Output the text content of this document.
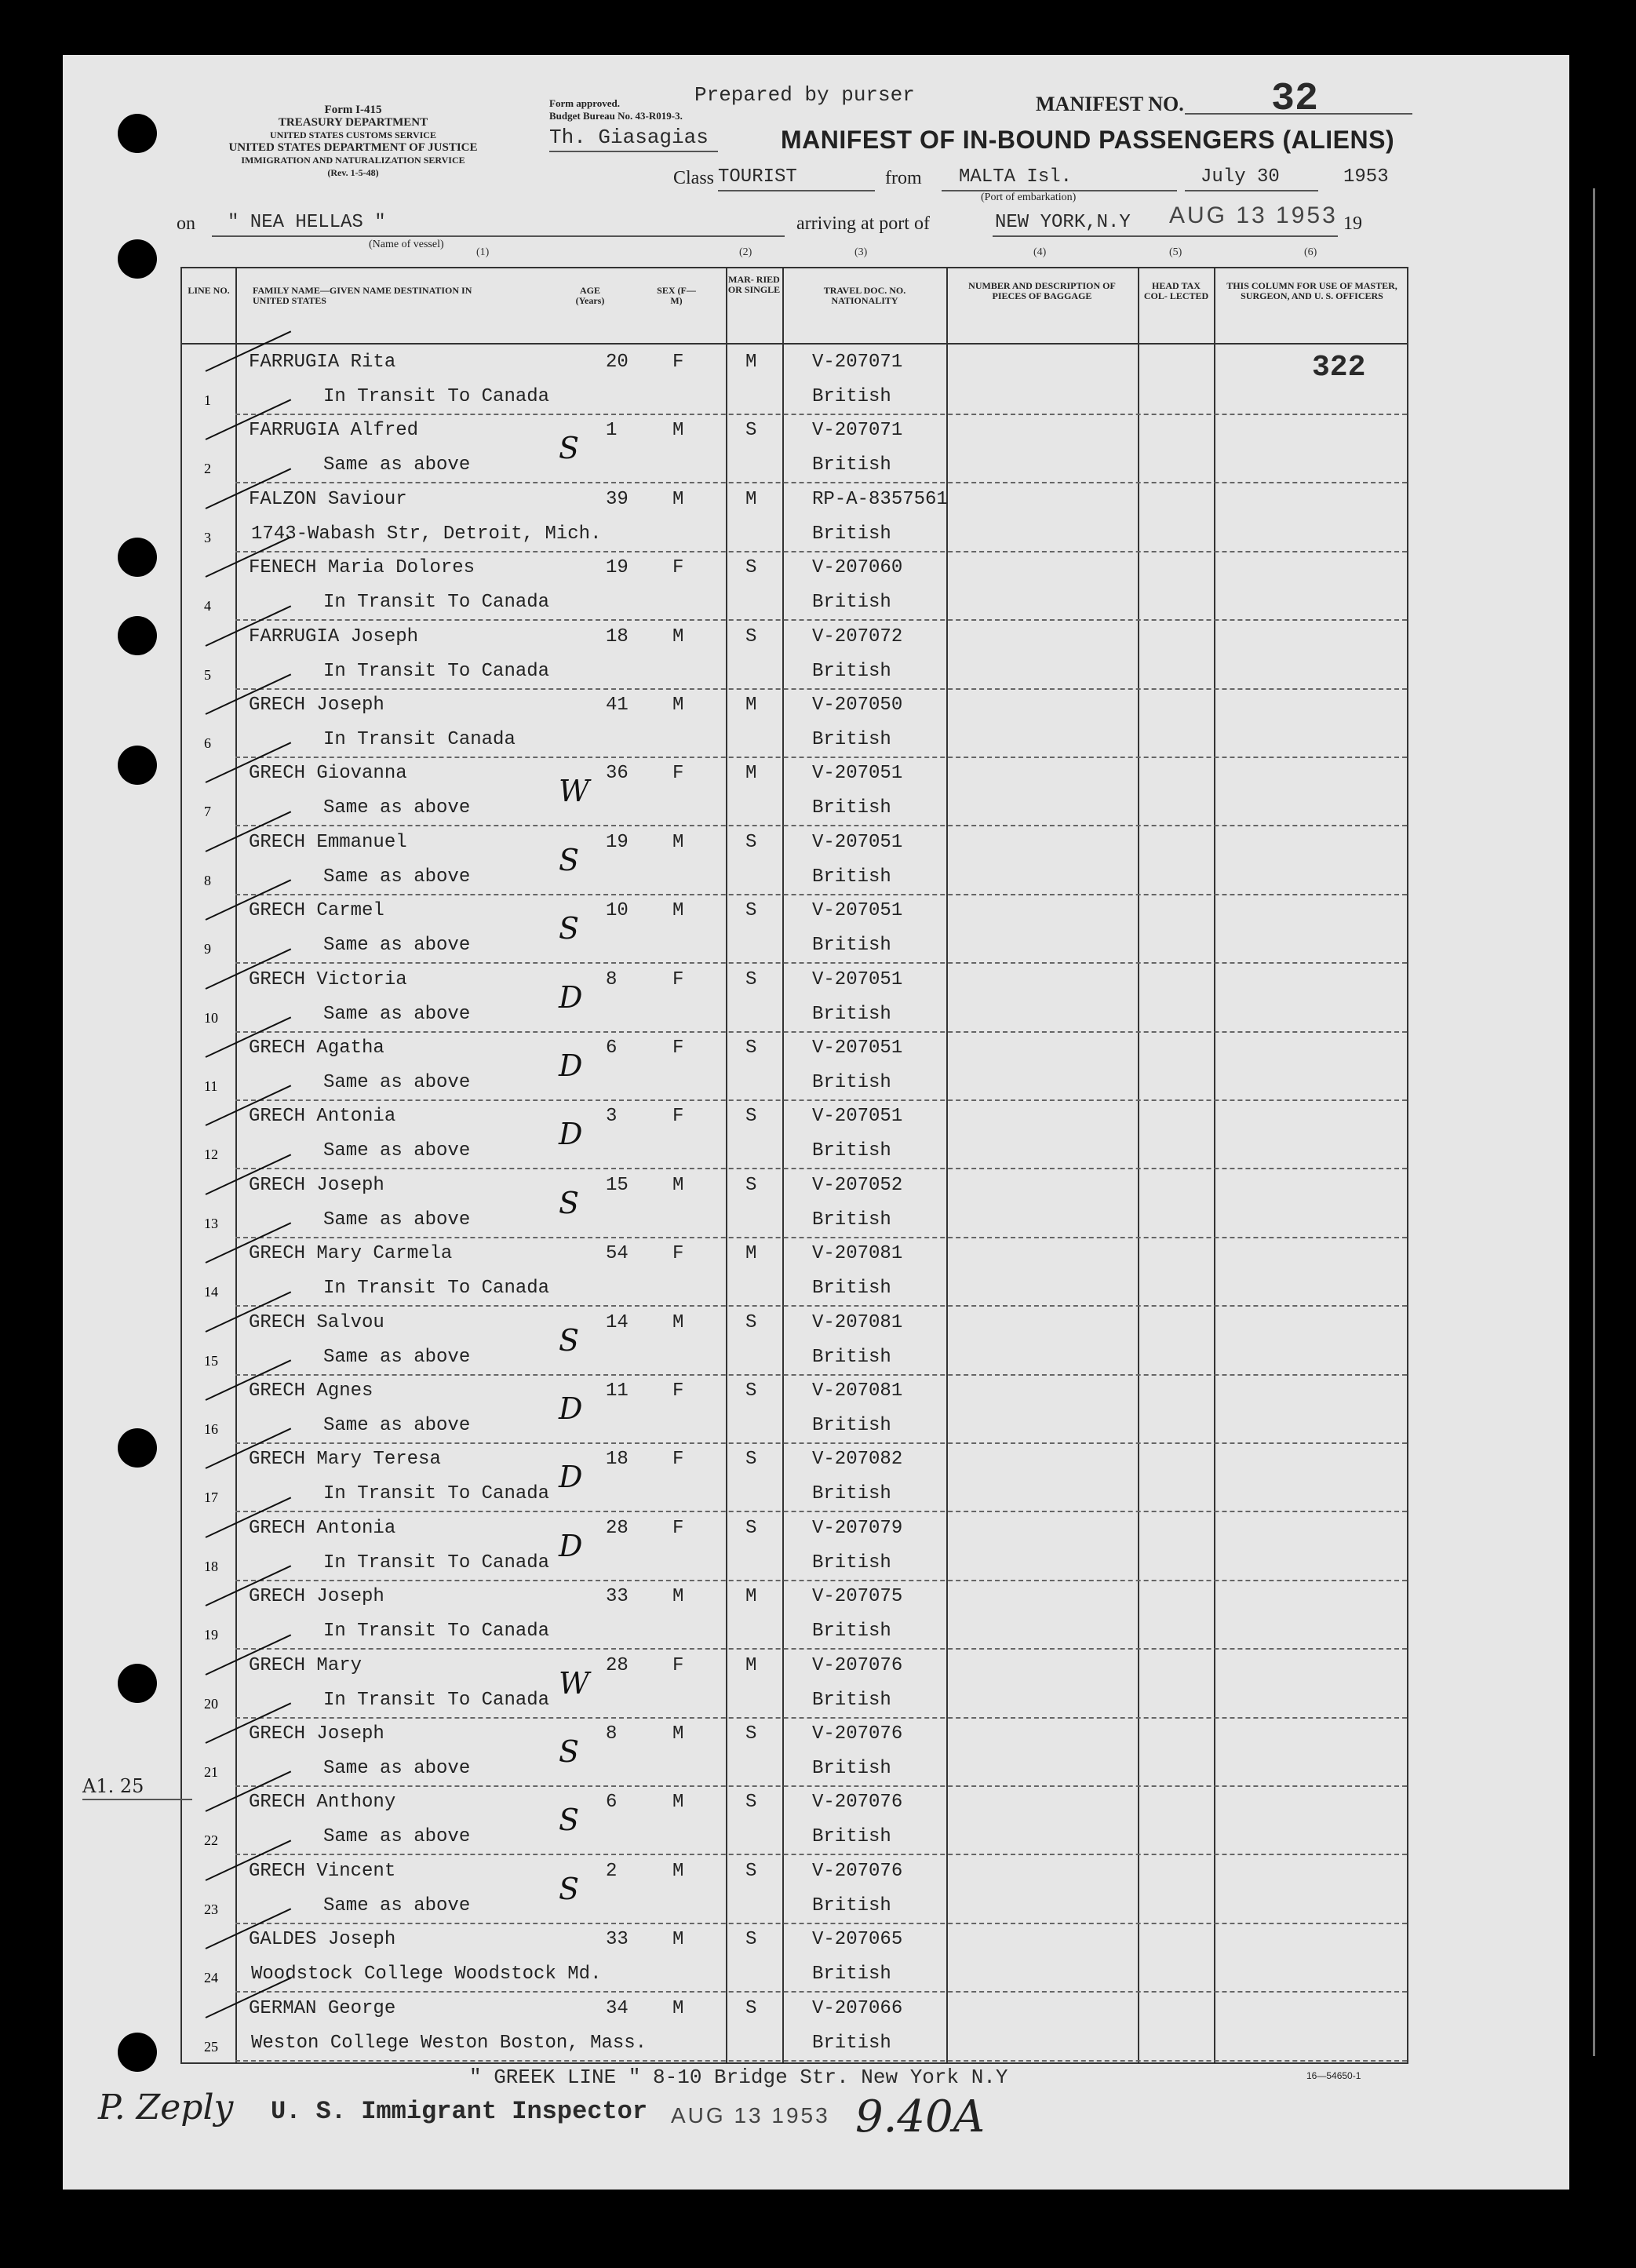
Form I-415
TREASURY DEPARTMENT
UNITED STATES CUSTOMS SERVICE
UNITED STATES DEPARTMENT OF JUSTICE
IMMIGRATION AND NATURALIZATION SERVICE
(Rev. 1-5-48)
Form approved.
Budget Bureau No. 43-R019-3.
Prepared by purser
Th. Giasagias	MANIFEST OF IN-BOUND PASSENGERS (ALIENS)
MANIFEST NO. 32
Class TOURIST	from MALTA Isl.
(Port of embarkation)
July 30	1953
on " NEA HELLAS "
(Name of vessel)
arriving at port of	NEW YORK,N.Y AUG 13 1953 19
(1)	(2)	(3)	(4)	(5)	(6)
LINE NO.	FAMILY NAME—GIVEN NAME DESTINATION IN UNITED STATES
AGE (Years)
SEX (F—M)
MAR- RIED OR SINGLE	TRAVEL DOC. NO. NATIONALITY
NUMBER AND DESCRIPTION OF PIECES OF BAGGAGE
HEAD TAX COL- LECTED
THIS COLUMN FOR USE OF MASTER, SURGEON, AND U. S. OFFICERS
322
1
FARRUGIA Rita
In Transit To Canada
20 F	M	V-207071
British
2
FARRUGIA Alfred
Same as above
1	M	S	V-207071
British
S
3
FALZON Saviour
1743-Wabash Str, Detroit, Mich.
39 M	M	RP-A-8357561
British
4
FENECH Maria Dolores
In Transit To Canada
19 F	S	V-207060
British
5
FARRUGIA Joseph
In Transit To Canada
18 M	S	V-207072
British
6
GRECH Joseph
In Transit Canada
41 M	M	V-207050
British
7
GRECH Giovanna
Same as above
36 F	M	V-207051
British
W
8
GRECH Emmanuel
Same as above
19 M	S	V-207051
British
S
9
GRECH Carmel
Same as above
10 M	S	V-207051
British
S
10
GRECH Victoria
Same as above
8	F	S	V-207051
British
D
11
GRECH Agatha
Same as above
6	F	S	V-207051
British
D
12
GRECH Antonia
Same as above
3	F	S	V-207051
British
D
13
GRECH Joseph
Same as above
15 M	S	V-207052
British
S
14
GRECH Mary Carmela
In Transit To Canada
54 F	M	V-207081
British
15
GRECH Salvou
Same as above
14 M	S	V-207081
British
S
16
GRECH Agnes
Same as above
11 F	S	V-207081
British
D
17
GRECH Mary Teresa
In Transit To Canada
18 F	S	V-207082
British
D
18
GRECH Antonia
In Transit To Canada
28 F	S	V-207079
British
D
19
GRECH Joseph
In Transit To Canada
33 M	M	V-207075
British
20
GRECH Mary
In Transit To Canada
28 F	M	V-207076
British
W
21
GRECH Joseph
Same as above
8	M	S	V-207076
British
S
22
GRECH Anthony
Same as above
6	M	S	V-207076
British
S
23
GRECH Vincent
Same as above
2	M	S	V-207076
British
S
24
GALDES Joseph
Woodstock College Woodstock Md.
33 M	S	V-207065
British
25
GERMAN George
Weston College Weston Boston, Mass.
34 M	S	V-207066
British
A1. 25
" GREEK LINE " 8-10 Bridge Str. New York N.Y	16—54650-1
P. Zeply U. S. Immigrant Inspector AUG 13 1953 9.40A
